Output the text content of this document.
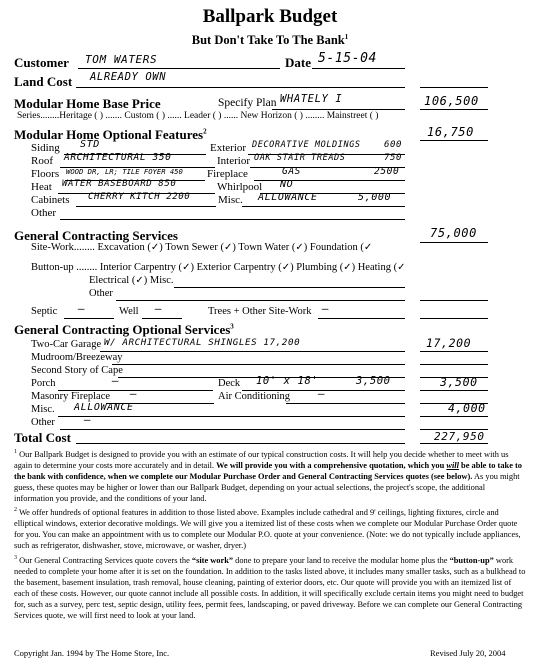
Ballpark Budget
But Don't Take To The Bank$^1$
Customer TOM WATERS	Date 5-15-04
Land Cost ALREADY OWN
Modular Home Base Price	Specify Plan WHATELY I	106,500
Series........Heritage ( ) ....... Custom ( ) ...... Leader ( ) ...... New Horizon ( ) ........ Mainstreet ( )
Modular Home Optional Features$^2$	16,750
Siding STD	Exterior DECORATIVE MOLDINGS	600
Roof ARCHITECTURAL 350	Interior OAK STAIR TREADS	750
Floors WOOD DR, LR; TILE FOYER 450 Fireplace	GAS	2500
Heat WATER BASEBOARD 850	Whirlpool NO
Cabinets CHERRY KITCH 2200	Misc. ALLOWANCE	5,000
Other
General Contracting Services	75,000
Site-Work........ Excavation (✓) Town Sewer (✓) Town Water (✓) Foundation (✓
Button-up ........ Interior Carpentry (✓) Exterior Carpentry (✓) Plumbing (✓) Heating (✓
Electrical (✓) Misc.
Other
Septic —	Well —	Trees + Other Site-Work —
General Contracting Optional Services$^3$
Two-Car Garage W/ ARCHITECTURAL SHINGLES 17,200	17,200
Mudroom/Breezeway
Second Story of Cape
Porch	—	Deck 10' x 18'	3,500	3,500
Masonry Fireplace —	Air Conditioning	—
Misc. ALLOWANCE	4,000
Other	—
Total Cost	227,950
$^1$ Our Ballpark Budget is designed to provide you with an estimate of our typical construction costs. It will help you decide whether to meet with us again to determine your costs more accurately and in detail. We will provide you with a comprehensive quotation, which you will be able to take to the bank with confidence, when we complete our Modular Purchase Order and General Contracting Services quotes (see below). As you might guess, these quotes may be higher or lower than our Ballpark Budget, depending on your actual selections, the project's scope, the additional information you provide, and the conditions of your land.
$^2$ We offer hundreds of optional features in addition to those listed above. Examples include cathedral and 9' ceilings, lighting fixtures, circle and elliptical windows, exterior decorative moldings. We will give you a itemized list of these costs when we complete our Modular Purchase Order quote for you. You can make an appointment with us to complete our Modular P.O. quote at your convenience. (Note: we do not typically include appliances, such as refrigerator, dishwasher, stove, microwave, or washer, dryer.)
$^3$ Our General Contracting Services quote covers the “site work” done to prepare your land to receive the modular home plus the “button-up” work needed to complete your home after it is set on the foundation. In addition to the tasks listed above, it includes many smaller tasks, such as a bulkhead to the basement, basement insulation, trash removal, house cleaning, painting of exterior doors, etc. Our quote will provide you with an itemized list of each of these costs. However, our quote cannot include all possible costs. In addition, it will specifically exclude certain items you might need to budget for, such as a survey, perc test, septic design, utility fees, permit fees, landscaping, or paved driveway. Before we can complete our General Contracting Services quote, we will first need to look at your land.
Copyright Jan. 1994 by The Home Store, Inc.	Revised July 20, 2004
